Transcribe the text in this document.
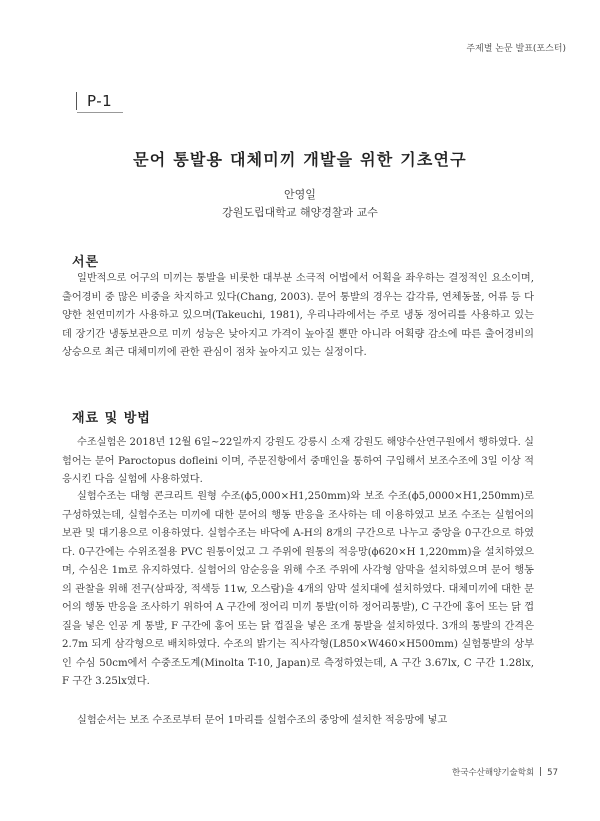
주제별 논문 발표(포스터)
P-1
문어 통발용 대체미끼 개발을 위한 기초연구
안영일
강원도립대학교 해양경찰과 교수
서론
일반적으로 어구의 미끼는 통발을 비롯한 대부분 소극적 어법에서 어획을 좌우하는 결정적인 요소이며, 출어경비 중 많은 비중을 차지하고 있다(Chang, 2003). 문어 통발의 경우는 갑각류, 연체동물, 어류 등 다양한 천연미끼가 사용하고 있으며(Takeuchi, 1981), 우리나라에서는 주로 냉동 정어리를 사용하고 있는데 장기간 냉동보관으로 미끼 성능은 낮아지고 가격이 높아질 뿐만 아니라 어획량 감소에 따른 출어경비의 상승으로 최근 대체미끼에 관한 관심이 점차 높아지고 있는 실정이다.
재료 및 방법
수조실험은 2018년 12월 6일~22일까지 강원도 강릉시 소재 강원도 해양수산연구원에서 행하였다. 실험어는 문어 Paroctopus dofleini 이며, 주문진항에서 중매인을 통하여 구입해서 보조수조에 3일 이상 적응시킨 다음 실험에 사용하였다.
실험수조는 대형 콘크리트 원형 수조(ϕ5,000×H1,250mm)와 보조 수조(ϕ5,0000×H1,250mm)로 구성하였는데, 실험수조는 미끼에 대한 문어의 행동 반응을 조사하는 데 이용하였고 보조 수조는 실험어의 보관 및 대기용으로 이용하였다. 실험수조는 바닥에 A-H의 8개의 구간으로 나누고 중앙을 0구간으로 하였다. 0구간에는 수위조절용 PVC 원통이었고 그 주위에 원통의 적응망(ϕ620×H 1,220mm)을 설치하였으며, 수심은 1m로 유지하였다. 실험어의 암순응을 위해 수조 주위에 사각형 암막을 설치하였으며 문어 행동의 관찰을 위해 전구(삼파장, 적색등 11w, 오스람)을 4개의 암막 설치대에 설치하였다. 대체미끼에 대한 문어의 행동 반응을 조사하기 위하여 A 구간에 정어리 미끼 통발(이하 정어리통발), C 구간에 홍어 또는 닭 껍질을 넣은 인공 게 통발, F 구간에 홍어 또는 닭 껍질을 넣은 조개 통발을 설치하였다. 3개의 통발의 간격은 2.7m 되게 삼각형으로 배치하였다. 수조의 밝기는 직사각형(L850×W460×H500mm) 실험통발의 상부인 수심 50cm에서 수중조도계(Minolta T-10, Japan)로 측정하였는데, A 구간 3.67lx, C 구간 1.28lx, F 구간 3.25lx였다.
실험순서는 보조 수조로부터 문어 1마리를 실험수조의 중앙에 설치한 적응망에 넣고
한국수산해양기술학회 57
